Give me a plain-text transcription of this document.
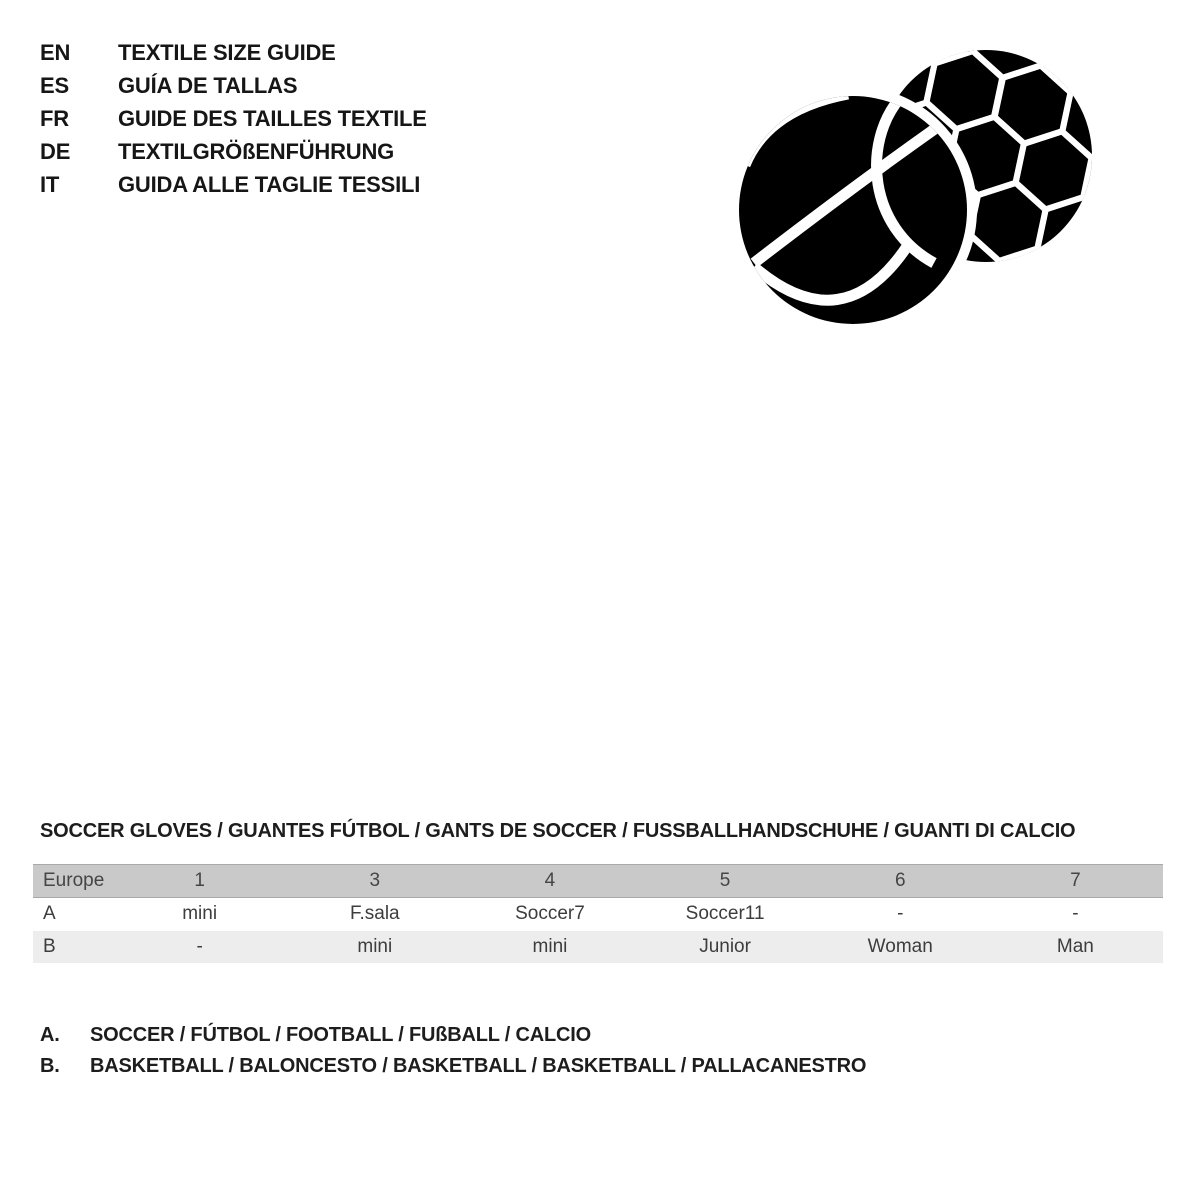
EN	TEXTILE SIZE GUIDE
ES	GUÍA DE TALLAS
FR	GUIDE DES TAILLES TEXTILE
DE	TEXTILGRÖßENFÜHRUNG
IT	GUIDA ALLE TAGLIE TESSILI
SOCCER GLOVES / GUANTES FÚTBOL / GANTS DE SOCCER / FUSSBALLHANDSCHUHE / GUANTI DI CALCIO
Europe	1	3	4	5	6	7
A	mini	F.sala	Soccer7	Soccer11	-	-
B	-	mini	mini	Junior	Woman	Man
A.	SOCCER / FÚTBOL / FOOTBALL / FUßBALL / CALCIO
B.	BASKETBALL / BALONCESTO / BASKETBALL / BASKETBALL / PALLACANESTRO
